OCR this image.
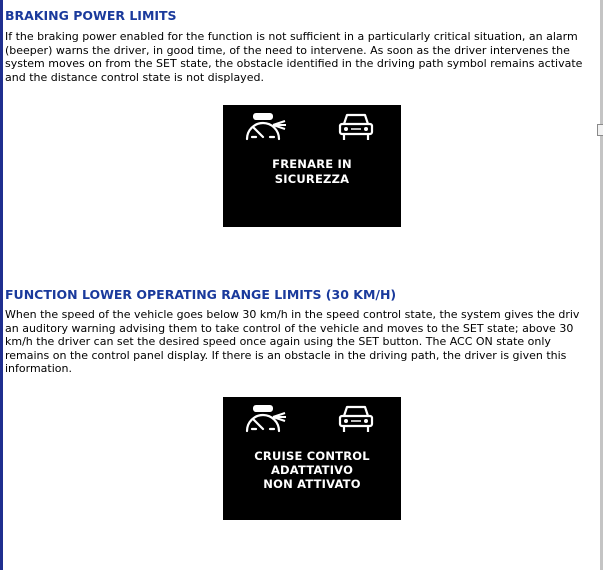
BRAKING POWER LIMITS

If the braking power enabled for the function is not sufficient in a particularly critical situation, an alarm

(beeper) warns the driver, in good time, of the need to intervene. As soon as the driver intervenes the

system moves on from the SET state, the obstacle identified in the driving path symbol remains activate

and the distance control state is not displayed.

FRENARE IN
SICUREZZA
FUNCTION LOWER OPERATING RANGE LIMITS (30 KM/H)

When the speed of the vehicle goes below 30 km/h in the speed control state, the system gives the driv

an auditory warning advising them to take control of the vehicle and moves to the SET state; above 30

km/h the driver can set the desired speed once again using the SET button. The ACC ON state only

remains on the control panel display. If there is an obstacle in the driving path, the driver is given this

information.

CRUISE CONTROL
ADATTATIVO
NON ATTIVATO
